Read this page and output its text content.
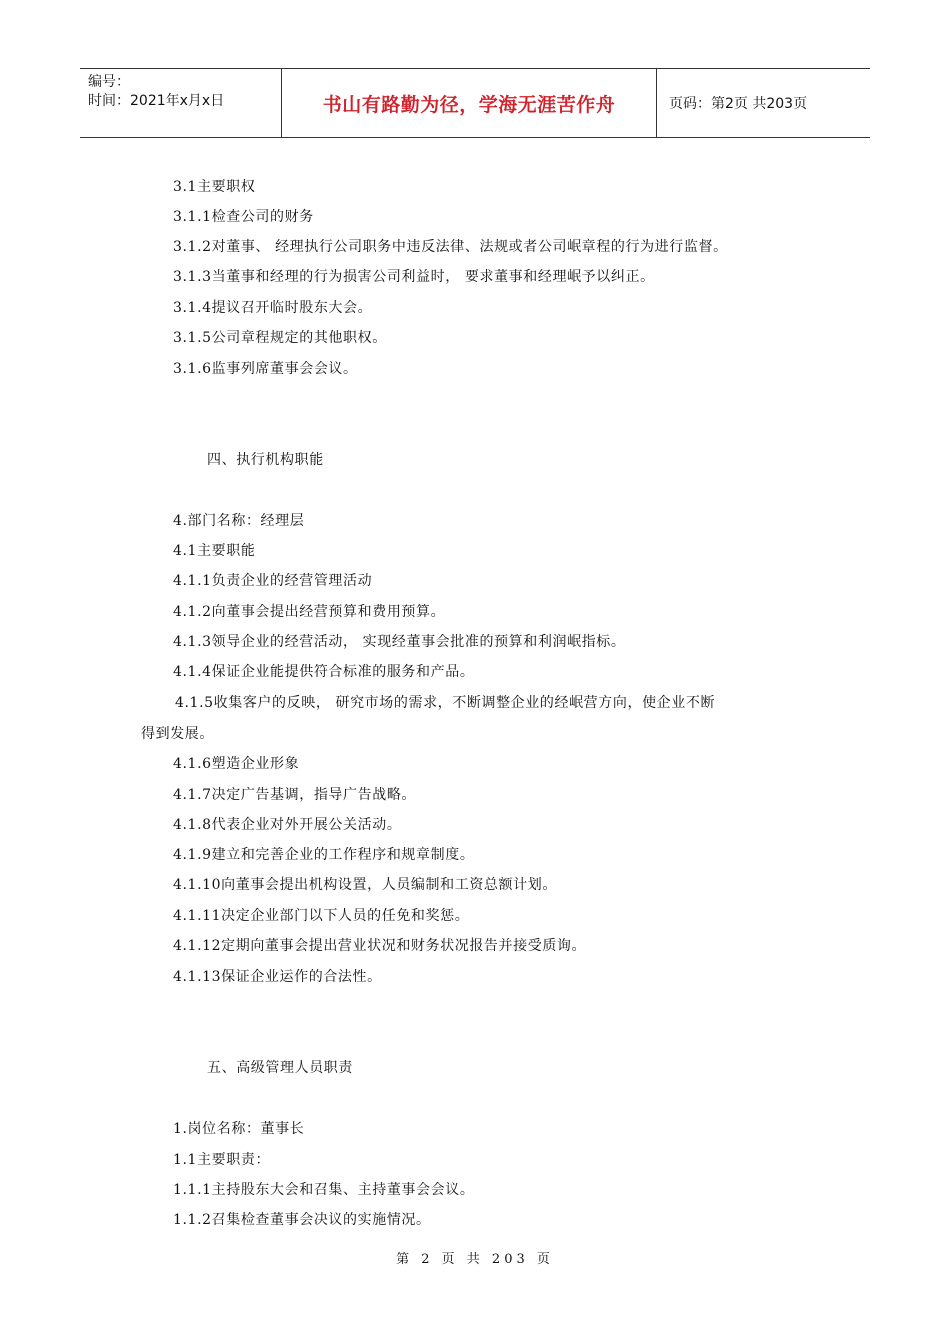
编号：
时间：2021年x月x日	书山有路勤为径，学海无涯苦作舟	页码：第2页 共203页
3.1主要职权
3.1.1检查公司的财务
3.1.2对董事、 经理执行公司职务中违反法律、法规或者公司岷章程的行为进行监督。
3.1.3当董事和经理的行为损害公司利益时， 要求董事和经理岷予以纠正。
3.1.4提议召开临时股东大会。
3.1.5公司章程规定的其他职权。
3.1.6监事列席董事会会议。
四、执行机构职能
4.部门名称：经理层
4.1主要职能
4.1.1负责企业的经营管理活动
4.1.2向董事会提出经营预算和费用预算。
4.1.3领导企业的经营活动， 实现经董事会批准的预算和利润岷指标。
4.1.4保证企业能提供符合标准的服务和产品。
4.1.5收集客户的反映， 研究市场的需求，不断调整企业的经岷营方向，使企业不断
得到发展。
4.1.6塑造企业形象
4.1.7决定广告基调，指导广告战略。
4.1.8代表企业对外开展公关活动。
4.1.9建立和完善企业的工作程序和规章制度。
4.1.10向董事会提出机构设置，人员编制和工资总额计划。
4.1.11决定企业部门以下人员的任免和奖惩。
4.1.12定期向董事会提出营业状况和财务状况报告并接受质询。
4.1.13保证企业运作的合法性。
五、高级管理人员职责
1.岗位名称：董事长
1.1主要职责：
1.1.1主持股东大会和召集、主持董事会会议。
1.1.2召集检查董事会决议的实施情况。
第 2 页 共 203 页
